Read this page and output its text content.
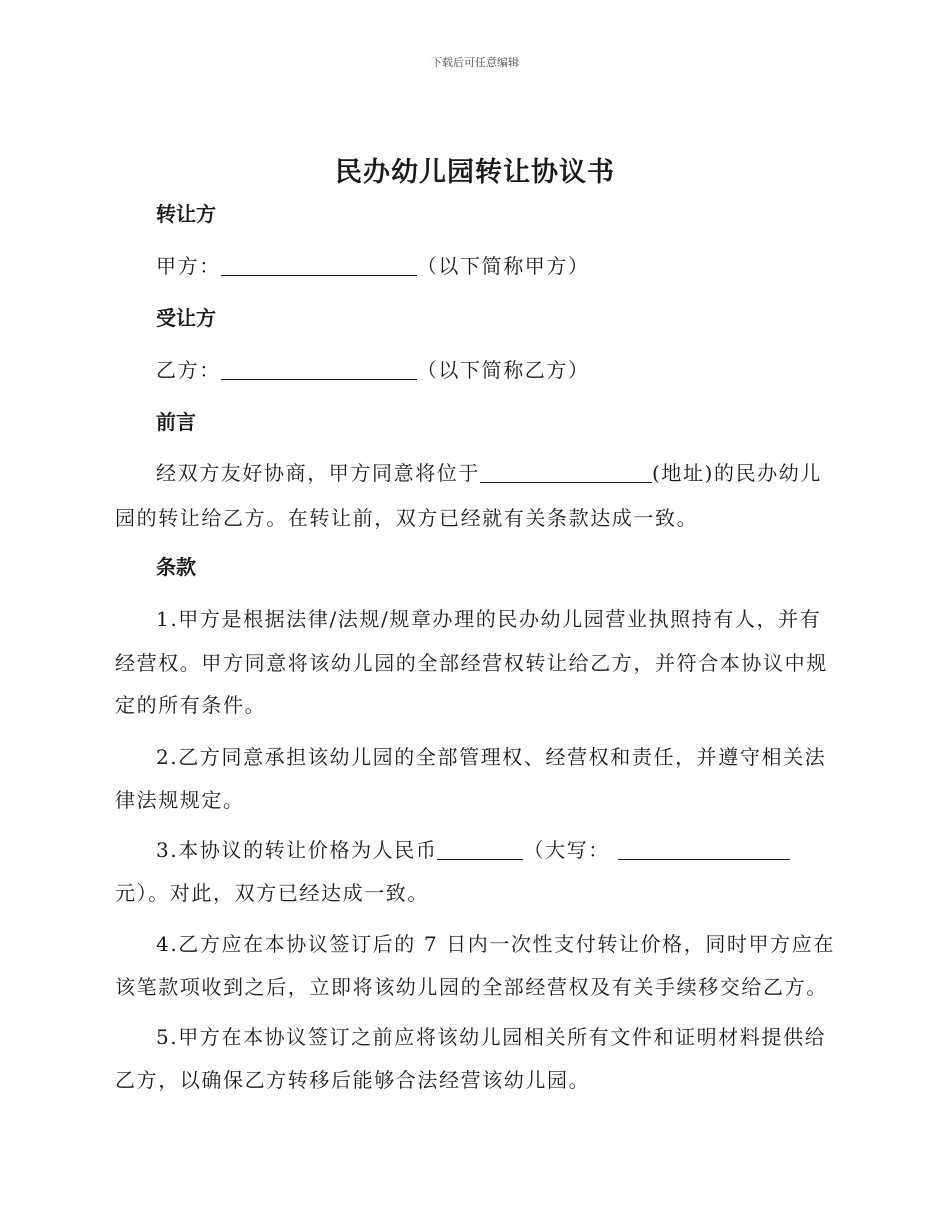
下载后可任意编辑
民办幼儿园转让协议书
转让方
甲方：	（以下简称甲方）
受让方
乙方：	（以下简称乙方）
前言
经双方友好协商，甲方同意将位于	(地址)的民办幼儿
园的转让给乙方。在转让前，双方已经就有关条款达成一致。
条款
1.甲方是根据法律/法规/规章办理的民办幼儿园营业执照持有人，并有
经营权。甲方同意将该幼儿园的全部经营权转让给乙方，并符合本协议中规
定的所有条件。
2.乙方同意承担该幼儿园的全部管理权、经营权和责任，并遵守相关法
律法规规定。
3.本协议的转让价格为人民币	（大写：
元）。对此，双方已经达成一致。
4.乙方应在本协议签订后的 7 日内一次性支付转让价格，同时甲方应在
该笔款项收到之后，立即将该幼儿园的全部经营权及有关手续移交给乙方。
5.甲方在本协议签订之前应将该幼儿园相关所有文件和证明材料提供给
乙方，以确保乙方转移后能够合法经营该幼儿园。
